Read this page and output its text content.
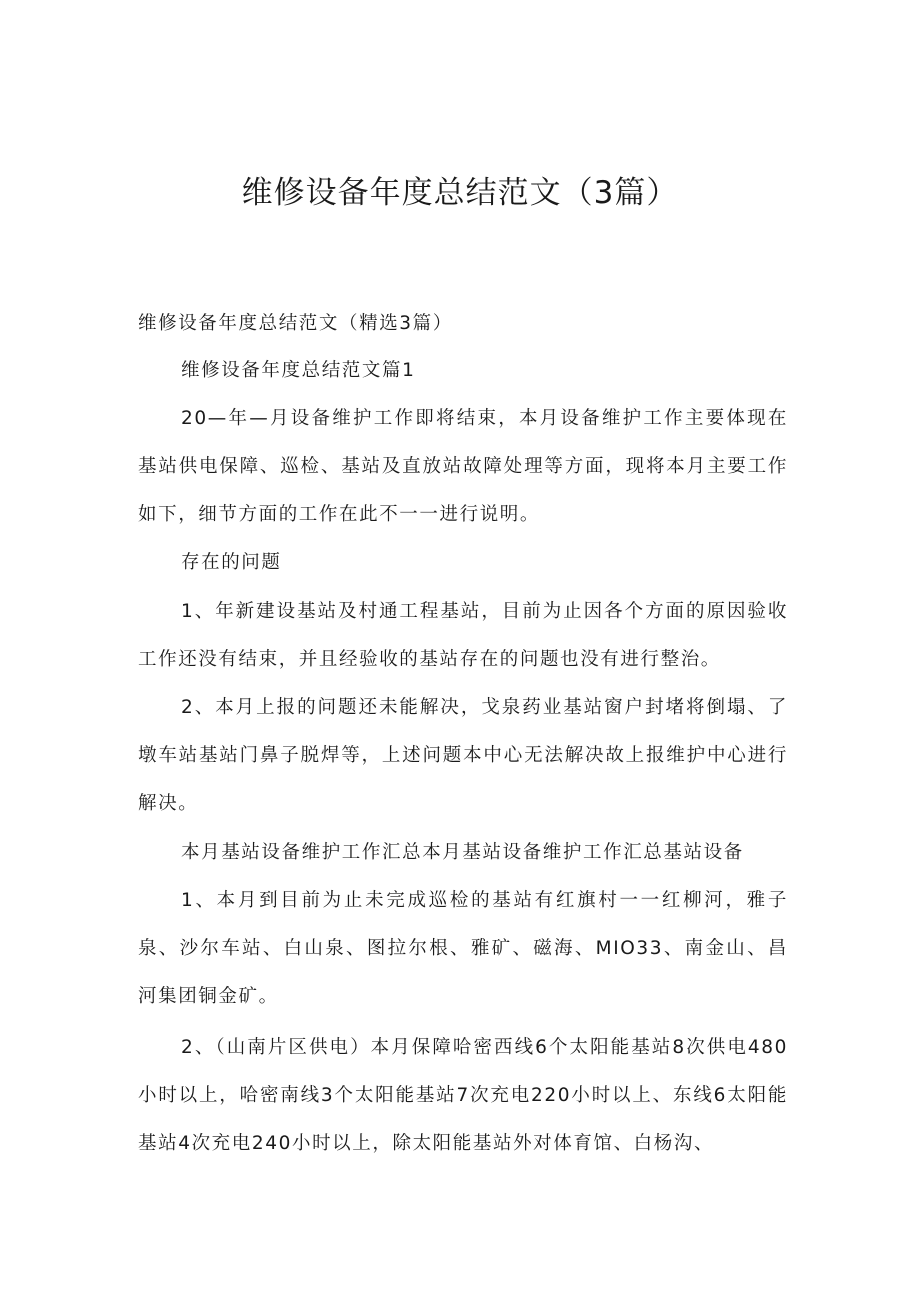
维修设备年度总结范文（3篇）

维修设备年度总结范文（精选3篇）

维修设备年度总结范文篇1

20—年—月设备维护工作即将结束，本月设备维护工作主要体现在基站供电保障、巡检、基站及直放站故障处理等方面，现将本月主要工作如下，细节方面的工作在此不一一进行说明。

存在的问题

1、年新建设基站及村通工程基站，目前为止因各个方面的原因验收工作还没有结束，并且经验收的基站存在的问题也没有进行整治。

2、本月上报的问题还未能解决，戈泉药业基站窗户封堵将倒塌、了墩车站基站门鼻子脱焊等，上述问题本中心无法解决故上报维护中心进行解决。

本月基站设备维护工作汇总本月基站设备维护工作汇总基站设备

1、本月到目前为止未完成巡检的基站有红旗村一一红柳河，雅子泉、沙尔车站、白山泉、图拉尔根、雅矿、磁海、MIO33、南金山、昌河集团铜金矿。

2、（山南片区供电）本月保障哈密西线6个太阳能基站8次供电480小时以上，哈密南线3个太阳能基站7次充电220小时以上、东线6太阳能基站4次充电240小时以上，除太阳能基站外对体育馆、白杨沟、
